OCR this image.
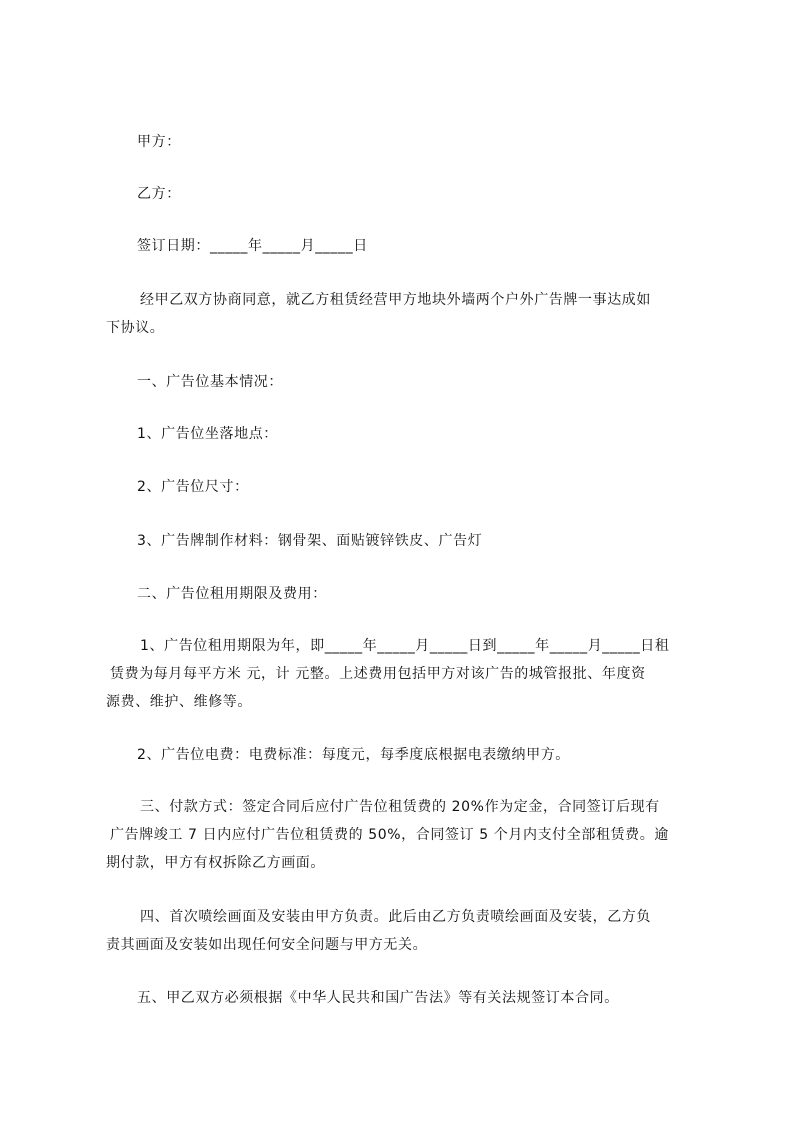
甲方：
乙方：
签订日期：_____年_____月_____日
经甲乙双方协商同意，就乙方租赁经营甲方地块外墙两个户外广告牌一事达成如
下协议。
一、广告位基本情况：
1、广告位坐落地点：
2、广告位尺寸：
3、广告牌制作材料：钢骨架、面贴镀锌铁皮、广告灯
二、广告位租用期限及费用：
1、广告位租用期限为年，即_____年_____月_____日到_____年_____月_____日租
赁费为每月每平方米 元，计 元整。上述费用包括甲方对该广告的城管报批、年度资
源费、维护、维修等。
2、广告位电费：电费标准：每度元，每季度底根据电表缴纳甲方。
三、付款方式：签定合同后应付广告位租赁费的 20%作为定金，合同签订后现有
广告牌竣工 7 日内应付广告位租赁费的 50%，合同签订 5 个月内支付全部租赁费。逾
期付款，甲方有权拆除乙方画面。
四、首次喷绘画面及安装由甲方负责。此后由乙方负责喷绘画面及安装，乙方负
责其画面及安装如出现任何安全问题与甲方无关。
五、甲乙双方必须根据《中华人民共和国广告法》等有关法规签订本合同。
